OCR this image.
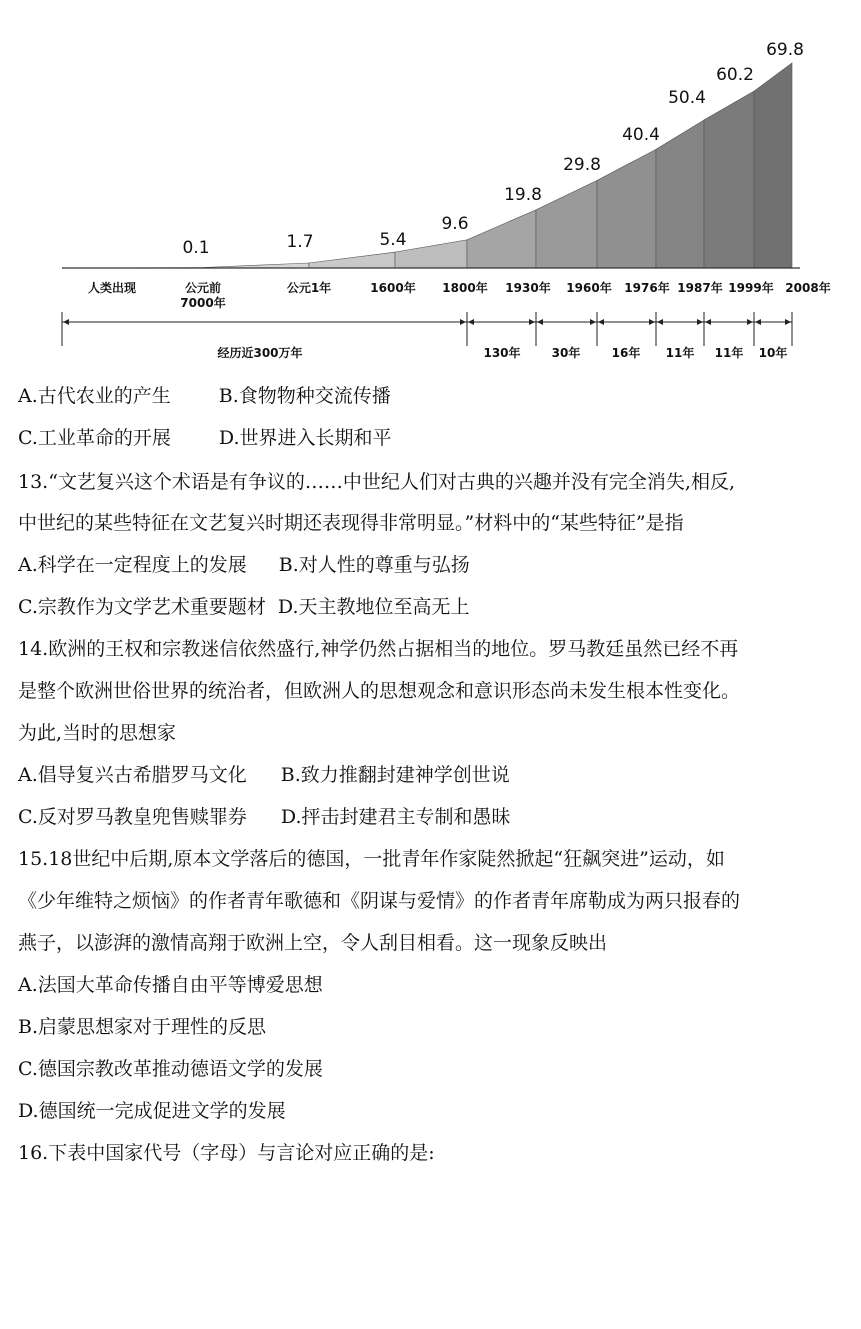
0.1	1.7	5.4
9.6
19.8
29.8
40.4
50.4
60.2
69.8
人类出现	公元前
7000年
公元1年	1600年 1800年 1930年 1960年 1976年 1987年 1999年 2008年
经历近300万年	130年	30年	16年 11年 11年 10年
A.古代农业的产生	B.食物物种交流传播
C.工业革命的开展	D.世界进入长期和平
13.“文艺复兴这个术语是有争议的……中世纪人们对古典的兴趣并没有完全消失,相反,
中世纪的某些特征在文艺复兴时期还表现得非常明显。”材料中的“某些特征”是指
A.科学在一定程度上的发展 B.对人性的尊重与弘扬
C.宗教作为文学艺术重要题材 D.天主教地位至高无上
14.欧洲的王权和宗教迷信依然盛行,神学仍然占据相当的地位。罗马教廷虽然已经不再
是整个欧洲世俗世界的统治者，但欧洲人的思想观念和意识形态尚未发生根本性变化。
为此,当时的思想家
A.倡导复兴古希腊罗马文化 B.致力推翻封建神学创世说
C.反对罗马教皇兜售赎罪券 D.抨击封建君主专制和愚昧
15.18世纪中后期,原本文学落后的德国，一批青年作家陡然掀起“狂飙突进”运动，如
《少年维特之烦恼》的作者青年歌德和《阴谋与爱情》的作者青年席勒成为两只报春的
燕子，以澎湃的激情高翔于欧洲上空，令人刮目相看。这一现象反映出
A.法国大革命传播自由平等博爱思想
B.启蒙思想家对于理性的反思
C.德国宗教改革推动德语文学的发展
D.德国统一完成促进文学的发展
16.下表中国家代号（字母）与言论对应正确的是:
